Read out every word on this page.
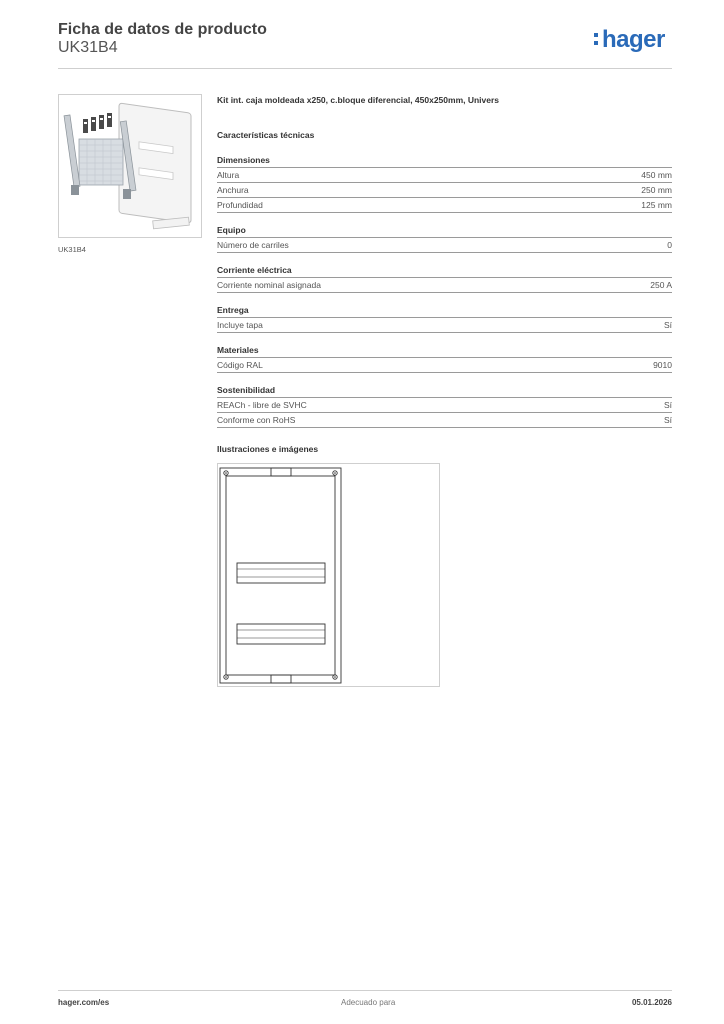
Ficha de datos de producto
UK31B4	hager
UK31B4
Kit int. caja moldeada x250, c.bloque diferencial, 450x250mm, Univers
Características técnicas
Dimensiones
Altura	450 mm
Anchura	250 mm
Profundidad	125 mm
Equipo
Número de carriles	0
Corriente eléctrica
Corriente nominal asignada	250 A
Entrega
Incluye tapa	Sí
Materiales
Código RAL	9010
Sostenibilidad
REACh - libre de SVHC	Sí
Conforme con RoHS	Sí
Ilustraciones e imágenes
hager.com/es	Adecuado para	05.01.2026
